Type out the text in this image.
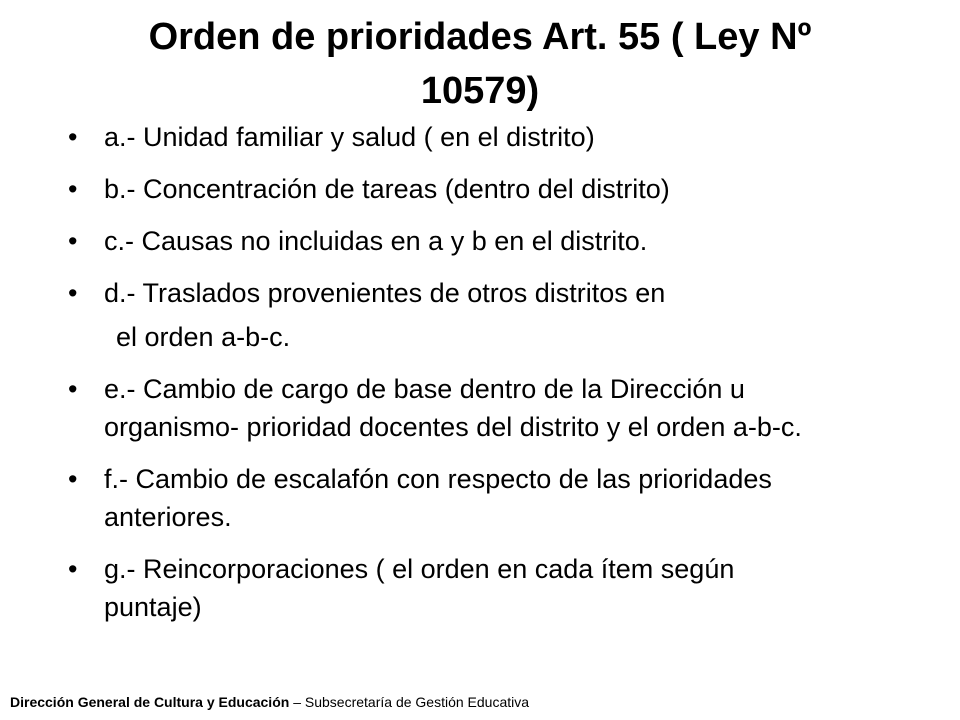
Orden de prioridades Art. 55 ( Ley Nº
10579)
• a.- Unidad familiar y salud ( en el distrito)
• b.- Concentración de tareas (dentro del distrito)
• c.- Causas no incluidas en a y b en el distrito.
• d.- Traslados provenientes de otros distritos en
el orden a-b-c.
• e.- Cambio de cargo de base dentro de la Dirección u organismo- prioridad docentes del distrito y el orden a-b-c.
• f.- Cambio de escalafón con respecto de las prioridades anteriores.
• g.- Reincorporaciones ( el orden en cada ítem según puntaje)
Dirección General de Cultura y Educación – Subsecretaría de Gestión Educativa
